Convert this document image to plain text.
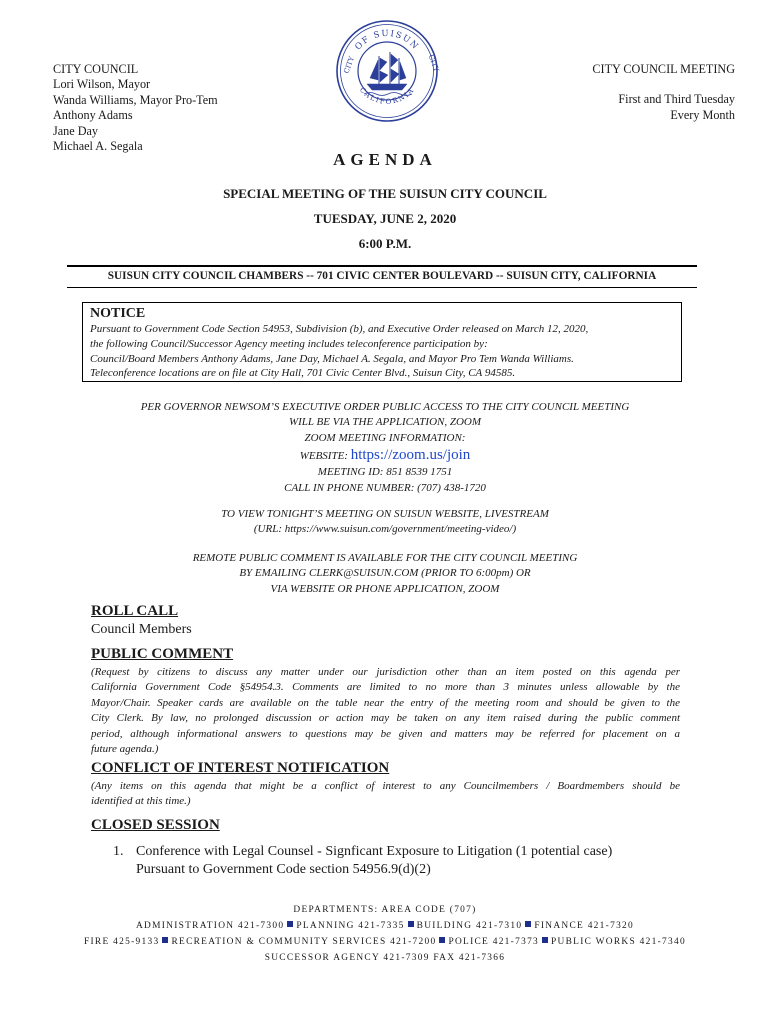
CITY COUNCIL
Lori Wilson, Mayor
Wanda Williams, Mayor Pro-Tem
Anthony Adams
Jane Day
Michael A. Segala
CITY COUNCIL MEETING
First and Third Tuesday
Every Month
OF SUISUN
CALIFORNIA
CITY	CITY
AGENDA
SPECIAL MEETING OF THE SUISUN CITY COUNCIL
TUESDAY, JUNE 2, 2020
6:00 P.M.
SUISUN CITY COUNCIL CHAMBERS -- 701 CIVIC CENTER BOULEVARD -- SUISUN CITY, CALIFORNIA
NOTICE
Pursuant to Government Code Section 54953, Subdivision (b), and Executive Order released on March 12, 2020,
the following Council/Successor Agency meeting includes teleconference participation by:
Council/Board Members Anthony Adams, Jane Day, Michael A. Segala, and Mayor Pro Tem Wanda Williams.
Teleconference locations are on file at City Hall, 701 Civic Center Blvd., Suisun City, CA 94585.
PER GOVERNOR NEWSOM’S EXECUTIVE ORDER PUBLIC ACCESS TO THE CITY COUNCIL MEETING
WILL BE VIA THE APPLICATION, ZOOM
ZOOM MEETING INFORMATION:
WEBSITE: https://zoom.us/join
MEETING ID: 851 8539 1751
CALL IN PHONE NUMBER: (707) 438-1720
TO VIEW TONIGHT’S MEETING ON SUISUN WEBSITE, LIVESTREAM
(URL: https://www.suisun.com/government/meeting-video/)
REMOTE PUBLIC COMMENT IS AVAILABLE FOR THE CITY COUNCIL MEETING
BY EMAILING CLERK@SUISUN.COM (PRIOR TO 6:00pm) OR
VIA WEBSITE OR PHONE APPLICATION, ZOOM
ROLL CALL
Council Members
PUBLIC COMMENT
(Request by citizens to discuss any matter under our jurisdiction other than an item posted on this agenda per
California Government Code §54954.3. Comments are limited to no more than 3 minutes unless allowable by the
Mayor/Chair. Speaker cards are available on the table near the entry of the meeting room and should be given to the
City Clerk. By law, no prolonged discussion or action may be taken on any item raised during the public comment
period, although informational answers to questions may be given and matters may be referred for placement on a
future agenda.)
CONFLICT OF INTEREST NOTIFICATION
(Any items on this agenda that might be a conflict of interest to any Councilmembers / Boardmembers should be
identified at this time.)
CLOSED SESSION
1. Conference with Legal Counsel - Signficant Exposure to Litigation (1 potential case)
Pursuant to Government Code section 54956.9(d)(2)
DEPARTMENTS: AREA CODE (707)
ADMINISTRATION 421-7300 PLANNING 421-7335 BUILDING 421-7310 FINANCE 421-7320
FIRE 425-9133 RECREATION & COMMUNITY SERVICES 421-7200 POLICE 421-7373 PUBLIC WORKS 421-7340
SUCCESSOR AGENCY 421-7309 FAX 421-7366
